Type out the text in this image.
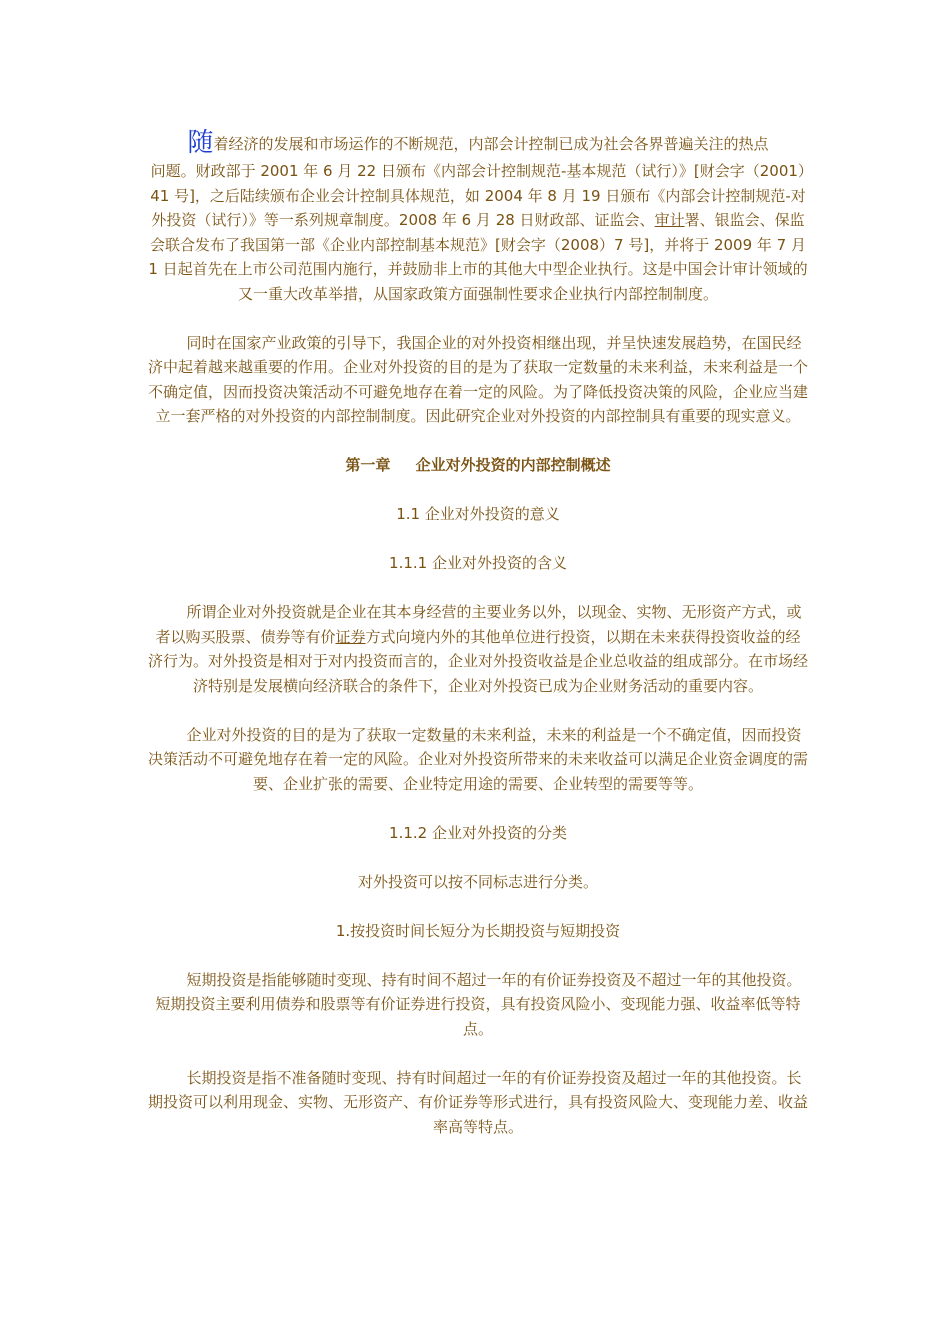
随着经济的发展和市场运作的不断规范，内部会计控制已成为社会各界普遍关注的热点

问题。财政部于 2001 年 6 月 22 日颁布《内部会计控制规范-基本规范（试行）》[财会字（2001）41 号]，之后陆续颁布企业会计控制具体规范，如 2004 年 8 月 19 日颁布《内部会计控制规范-对外投资（试行）》等一系列规章制度。2008 年 6 月 28 日财政部、证监会、审计署、银监会、保监会联合发布了我国第一部《企业内部控制基本规范》[财会字（2008）7 号]，并将于 2009 年 7 月 1 日起首先在上市公司范围内施行，并鼓励非上市的其他大中型企业执行。这是中国会计审计领域的又一重大改革举措，从国家政策方面强制性要求企业执行内部控制制度。

同时在国家产业政策的引导下，我国企业的对外投资相继出现，并呈快速发展趋势，在国民经济中起着越来越重要的作用。企业对外投资的目的是为了获取一定数量的未来利益，未来利益是一个不确定值，因而投资决策活动不可避免地存在着一定的风险。为了降低投资决策的风险，企业应当建立一套严格的对外投资的内部控制制度。因此研究企业对外投资的内部控制具有重要的现实意义。

第一章 企业对外投资的内部控制概述

1.1 企业对外投资的意义

1.1.1 企业对外投资的含义

所谓企业对外投资就是企业在其本身经营的主要业务以外，以现金、实物、无形资产方式，或者以购买股票、债券等有价证券方式向境内外的其他单位进行投资，以期在未来获得投资收益的经济行为。对外投资是相对于对内投资而言的，企业对外投资收益是企业总收益的组成部分。在市场经济特别是发展横向经济联合的条件下，企业对外投资已成为企业财务活动的重要内容。

企业对外投资的目的是为了获取一定数量的未来利益，未来的利益是一个不确定值，因而投资决策活动不可避免地存在着一定的风险。企业对外投资所带来的未来收益可以满足企业资金调度的需要、企业扩张的需要、企业特定用途的需要、企业转型的需要等等。

1.1.2 企业对外投资的分类

对外投资可以按不同标志进行分类。

1.按投资时间长短分为长期投资与短期投资

短期投资是指能够随时变现、持有时间不超过一年的有价证券投资及不超过一年的其他投资。短期投资主要利用债券和股票等有价证券进行投资，具有投资风险小、变现能力强、收益率低等特点。

长期投资是指不准备随时变现、持有时间超过一年的有价证券投资及超过一年的其他投资。长期投资可以利用现金、实物、无形资产、有价证券等形式进行，具有投资风险大、变现能力差、收益率高等特点。
